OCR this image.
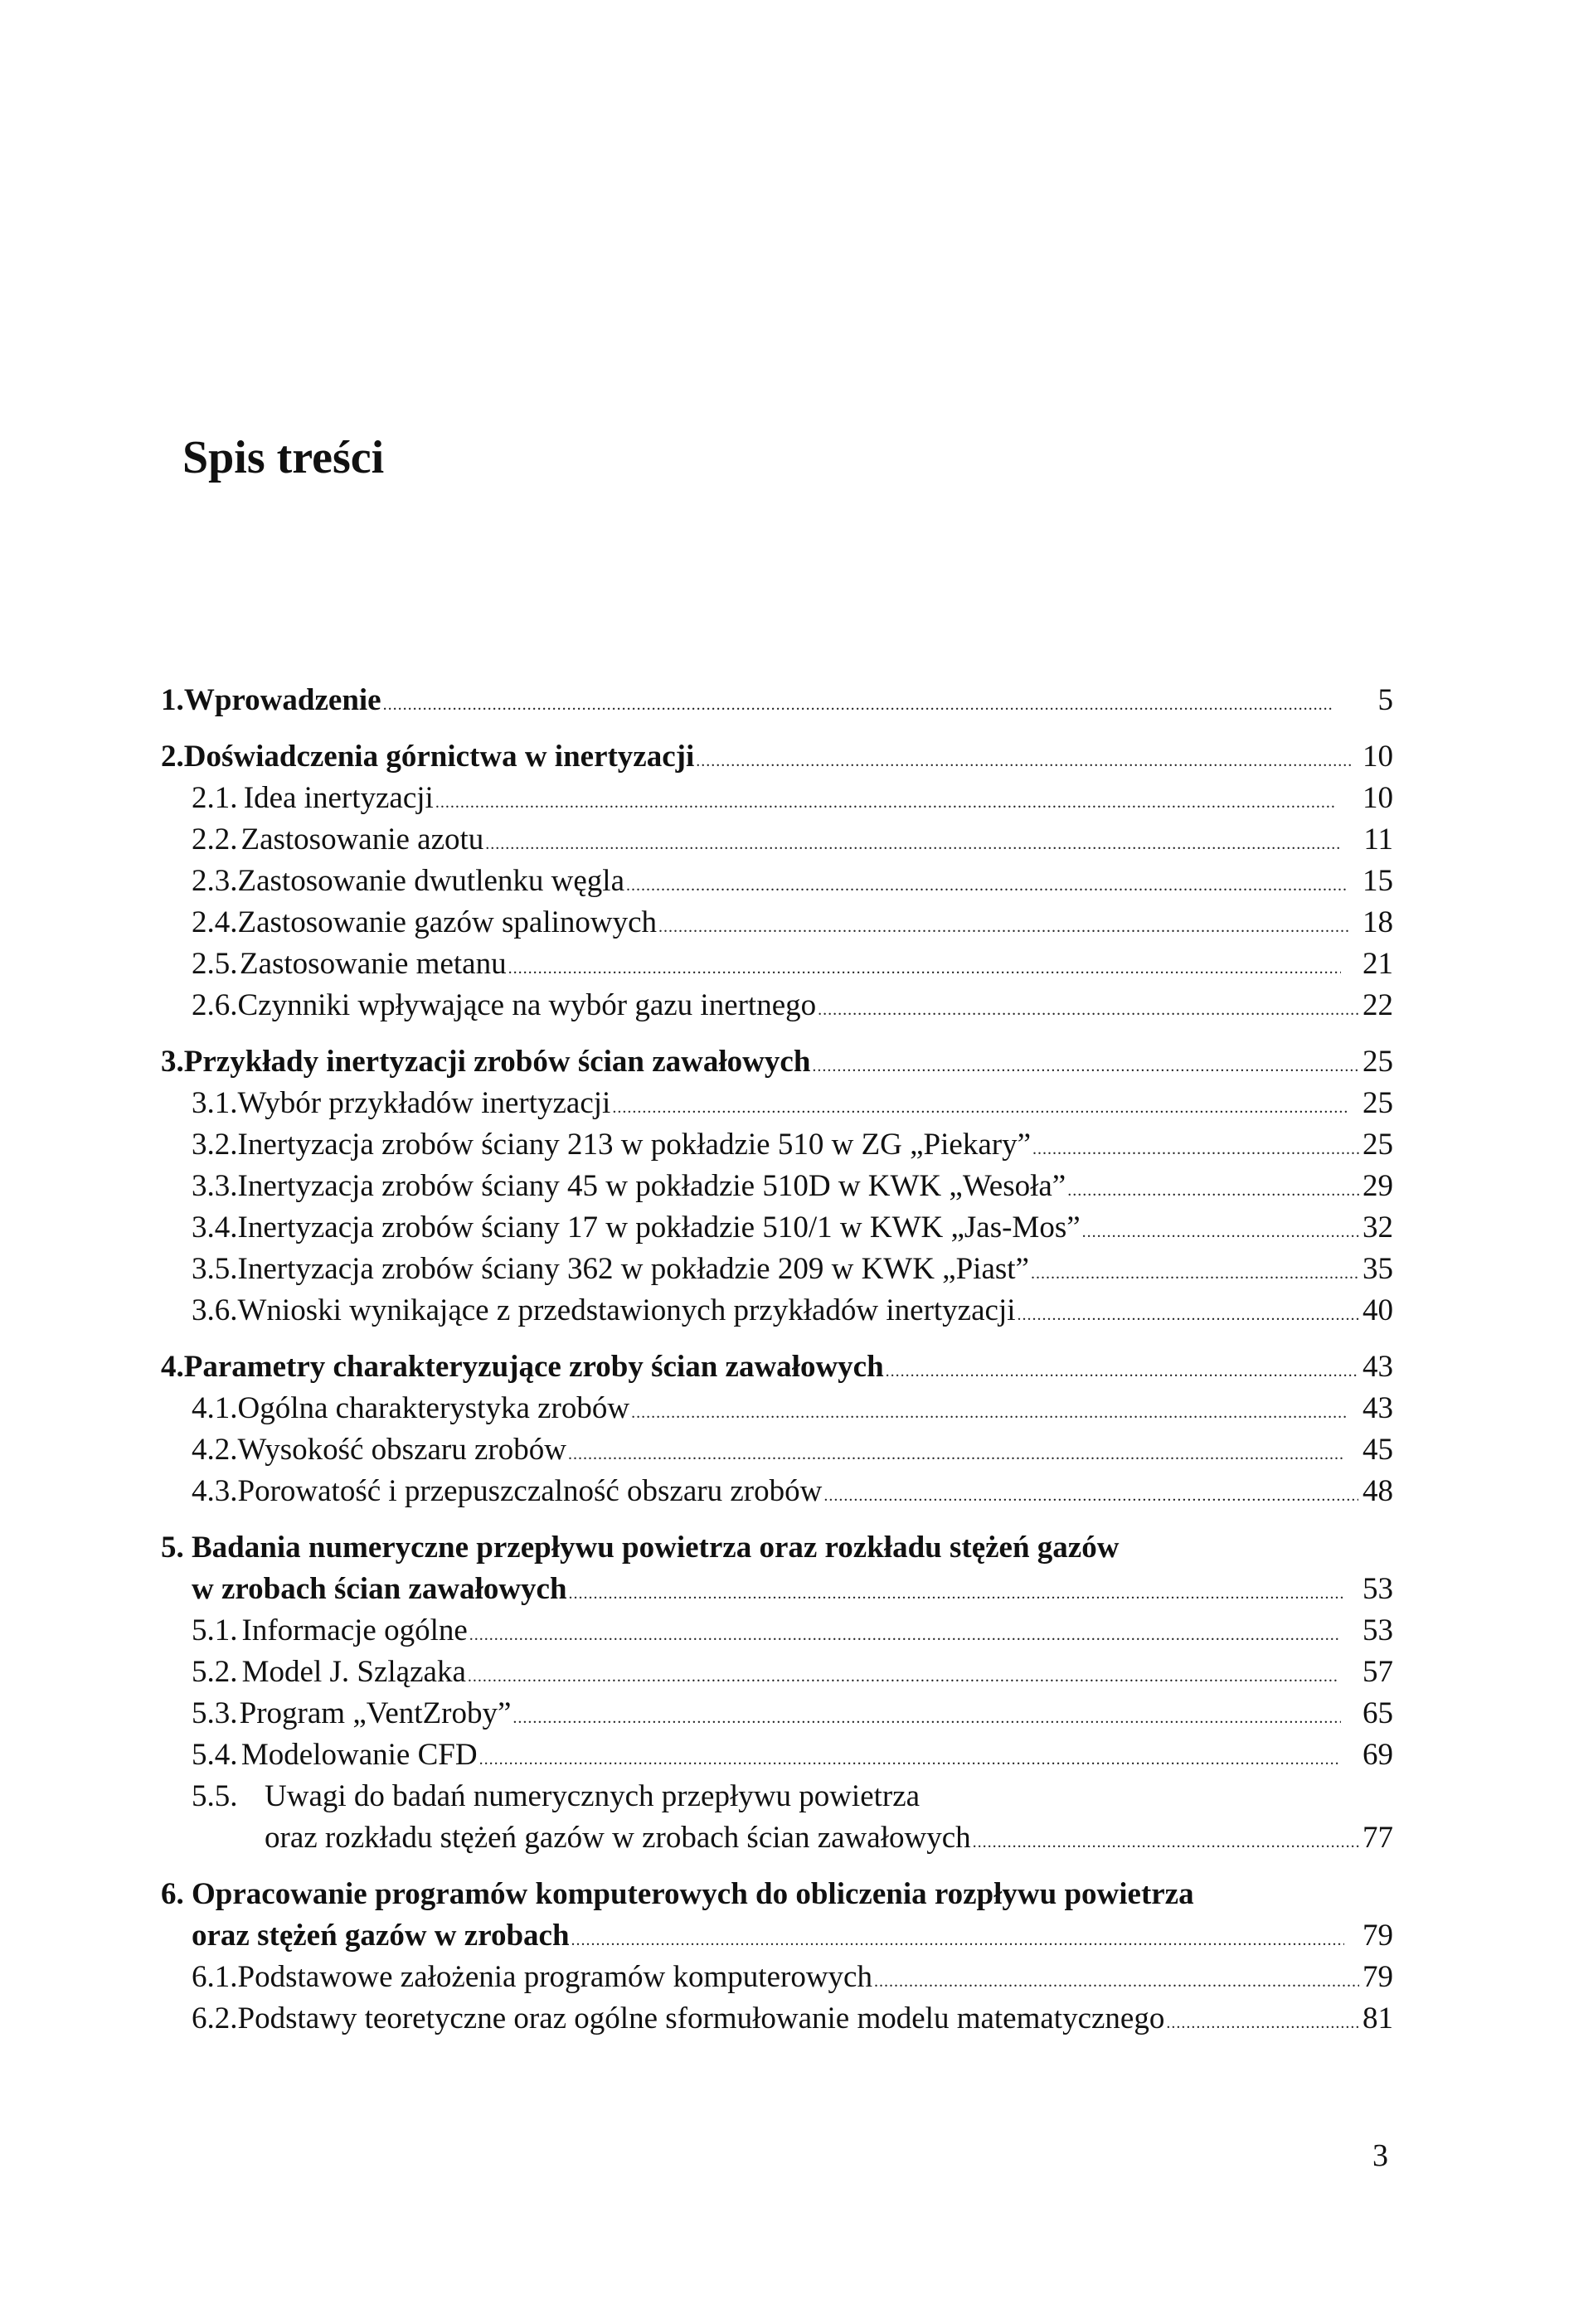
Spis treści
1. Wprowadzenie .....	5
2. Doświadczenia górnictwa w inertyzacji .....	10
2.1. Idea inertyzacji .....	10
2.2. Zastosowanie azotu .....	11
2.3. Zastosowanie dwutlenku węgla .....	15
2.4. Zastosowanie gazów spalinowych .....	18
2.5. Zastosowanie metanu .....	21
2.6. Czynniki wpływające na wybór gazu inertnego .....	22
3. Przykłady inertyzacji zrobów ścian zawałowych .....	25
3.1. Wybór przykładów inertyzacji .....	25
3.2. Inertyzacja zrobów ściany 213 w pokładzie 510 w ZG „Piekary” .....	25
3.3. Inertyzacja zrobów ściany 45 w pokładzie 510D w KWK „Wesoła” .....	29
3.4. Inertyzacja zrobów ściany 17 w pokładzie 510/1 w KWK „Jas-Mos” .....	32
3.5. Inertyzacja zrobów ściany 362 w pokładzie 209 w KWK „Piast” .....	35
3.6. Wnioski wynikające z przedstawionych przykładów inertyzacji .....	40
4. Parametry charakteryzujące zroby ścian zawałowych .....	43
4.1. Ogólna charakterystyka zrobów .....	43
4.2. Wysokość obszaru zrobów .....	45
4.3. Porowatość i przepuszczalność obszaru zrobów .....	48
5. Badania numeryczne przepływu powietrza oraz rozkładu stężeń gazów
w zrobach ścian zawałowych .....	53
5.1. Informacje ogólne .....	53
5.2. Model J. Szlązaka .....	57
5.3. Program „VentZroby” .....	65
5.4. Modelowanie CFD .....	69
5.5. Uwagi do badań numerycznych przepływu powietrza
oraz rozkładu stężeń gazów w zrobach ścian zawałowych .....	77
6. Opracowanie programów komputerowych do obliczenia rozpływu powietrza
oraz stężeń gazów w zrobach .....	79
6.1. Podstawowe założenia programów komputerowych .....	79
6.2. Podstawy teoretyczne oraz ogólne sformułowanie modelu matematycznego .....	81
3
